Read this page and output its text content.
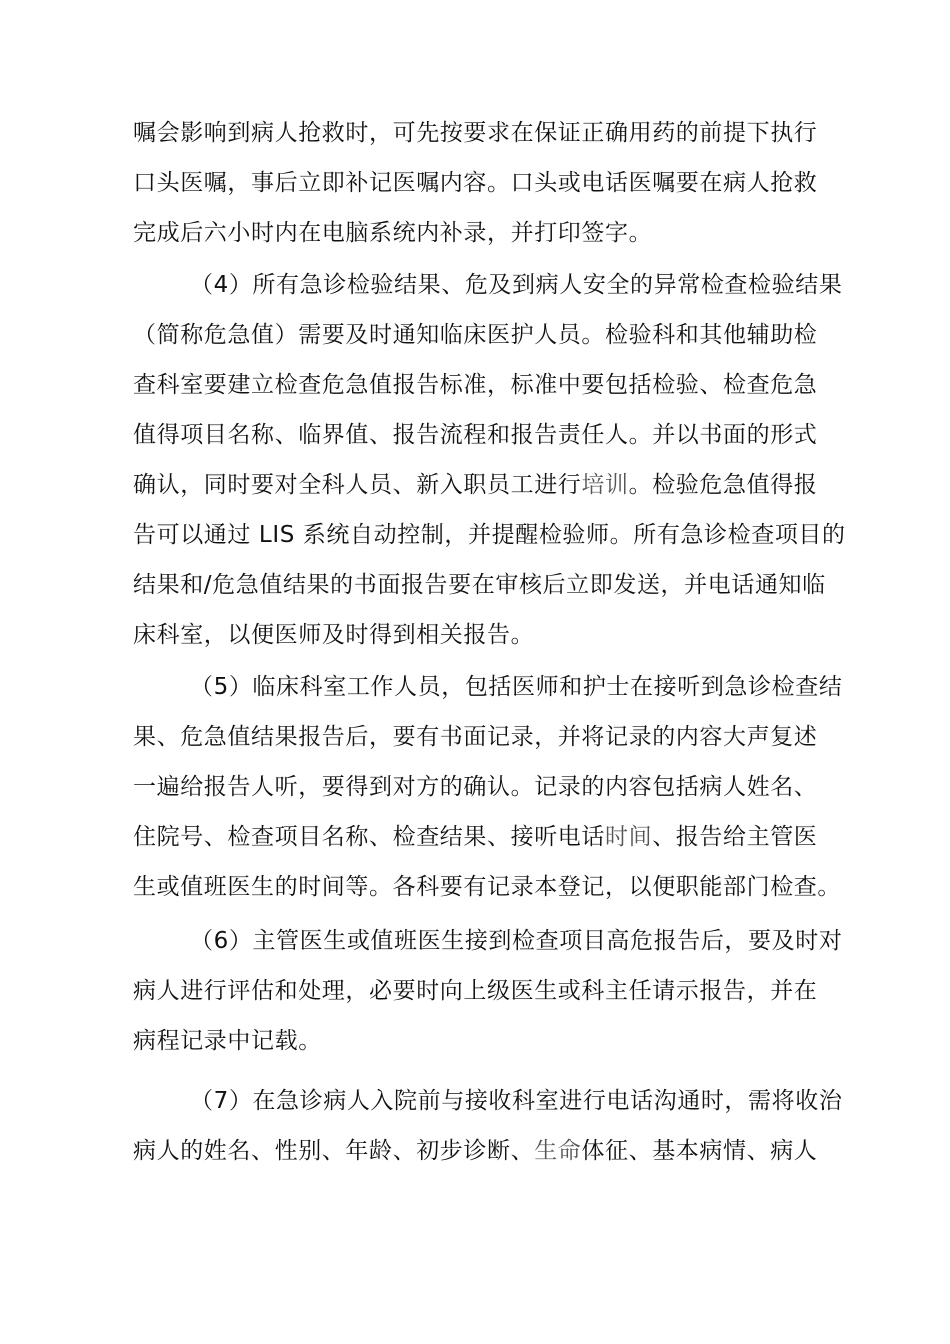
嘱会影响到病人抢救时，可先按要求在保证正确用药的前提下执行

口头医嘱，事后立即补记医嘱内容。口头或电话医嘱要在病人抢救

完成后六小时内在电脑系统内补录，并打印签字。

（4）所有急诊检验结果、危及到病人安全的异常检查检验结果

（简称危急值）需要及时通知临床医护人员。检验科和其他辅助检

查科室要建立检查危急值报告标准，标准中要包括检验、检查危急

值得项目名称、临界值、报告流程和报告责任人。并以书面的形式

确认，同时要对全科人员、新入职员工进行培训。检验危急值得报

告可以通过 LIS 系统自动控制，并提醒检验师。所有急诊检查项目的

结果和/危急值结果的书面报告要在审核后立即发送，并电话通知临

床科室，以便医师及时得到相关报告。

（5）临床科室工作人员，包括医师和护士在接听到急诊检查结

果、危急值结果报告后，要有书面记录，并将记录的内容大声复述

一遍给报告人听，要得到对方的确认。记录的内容包括病人姓名、

住院号、检查项目名称、检查结果、接听电话时间、报告给主管医

生或值班医生的时间等。各科要有记录本登记，以便职能部门检查。

（6）主管医生或值班医生接到检查项目高危报告后，要及时对

病人进行评估和处理，必要时向上级医生或科主任请示报告，并在

病程记录中记载。

（7）在急诊病人入院前与接收科室进行电话沟通时，需将收治

病人的姓名、性别、年龄、初步诊断、生命体征、基本病情、病人
